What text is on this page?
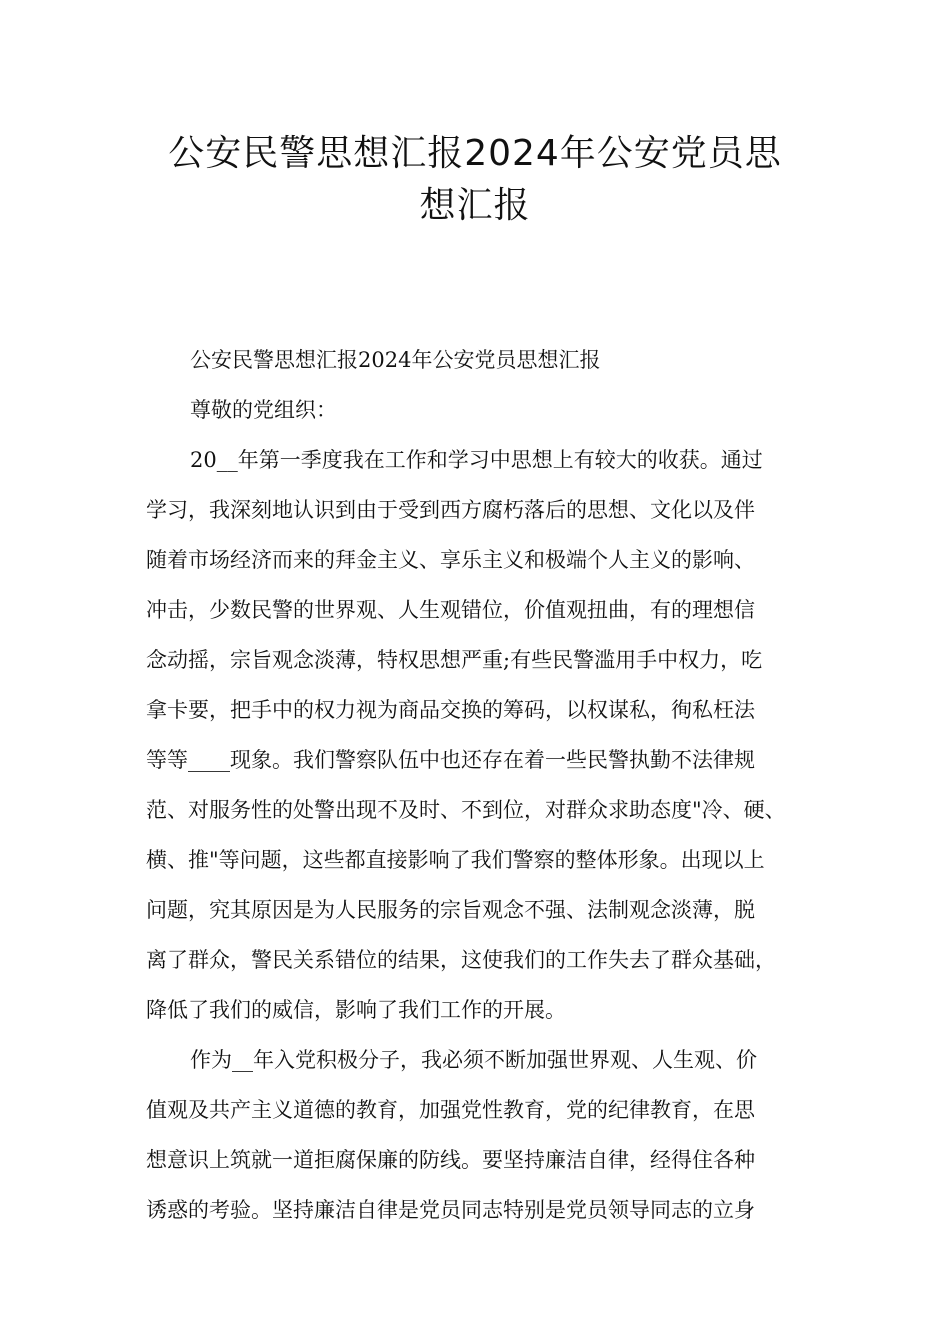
公安民警思想汇报2024年公安党员思
想汇报
公安民警思想汇报2024年公安党员思想汇报
尊敬的党组织：
20__年第一季度我在工作和学习中思想上有较大的收获。通过
学习，我深刻地认识到由于受到西方腐朽落后的思想、文化以及伴
随着市场经济而来的拜金主义、享乐主义和极端个人主义的影响、
冲击，少数民警的世界观、人生观错位，价值观扭曲，有的理想信
念动摇，宗旨观念淡薄，特权思想严重;有些民警滥用手中权力，吃
拿卡要，把手中的权力视为商品交换的筹码，以权谋私，徇私枉法
等等____现象。我们警察队伍中也还存在着一些民警执勤不法律规
范、对服务性的处警出现不及时、不到位，对群众求助态度"冷、硬、
横、推"等问题，这些都直接影响了我们警察的整体形象。出现以上
问题，究其原因是为人民服务的宗旨观念不强、法制观念淡薄，脱
离了群众，警民关系错位的结果，这使我们的工作失去了群众基础，
降低了我们的威信，影响了我们工作的开展。
作为__年入党积极分子，我必须不断加强世界观、人生观、价
值观及共产主义道德的教育，加强党性教育，党的纪律教育，在思
想意识上筑就一道拒腐保廉的防线。要坚持廉洁自律，经得住各种
诱惑的考验。坚持廉洁自律是党员同志特别是党员领导同志的立身
